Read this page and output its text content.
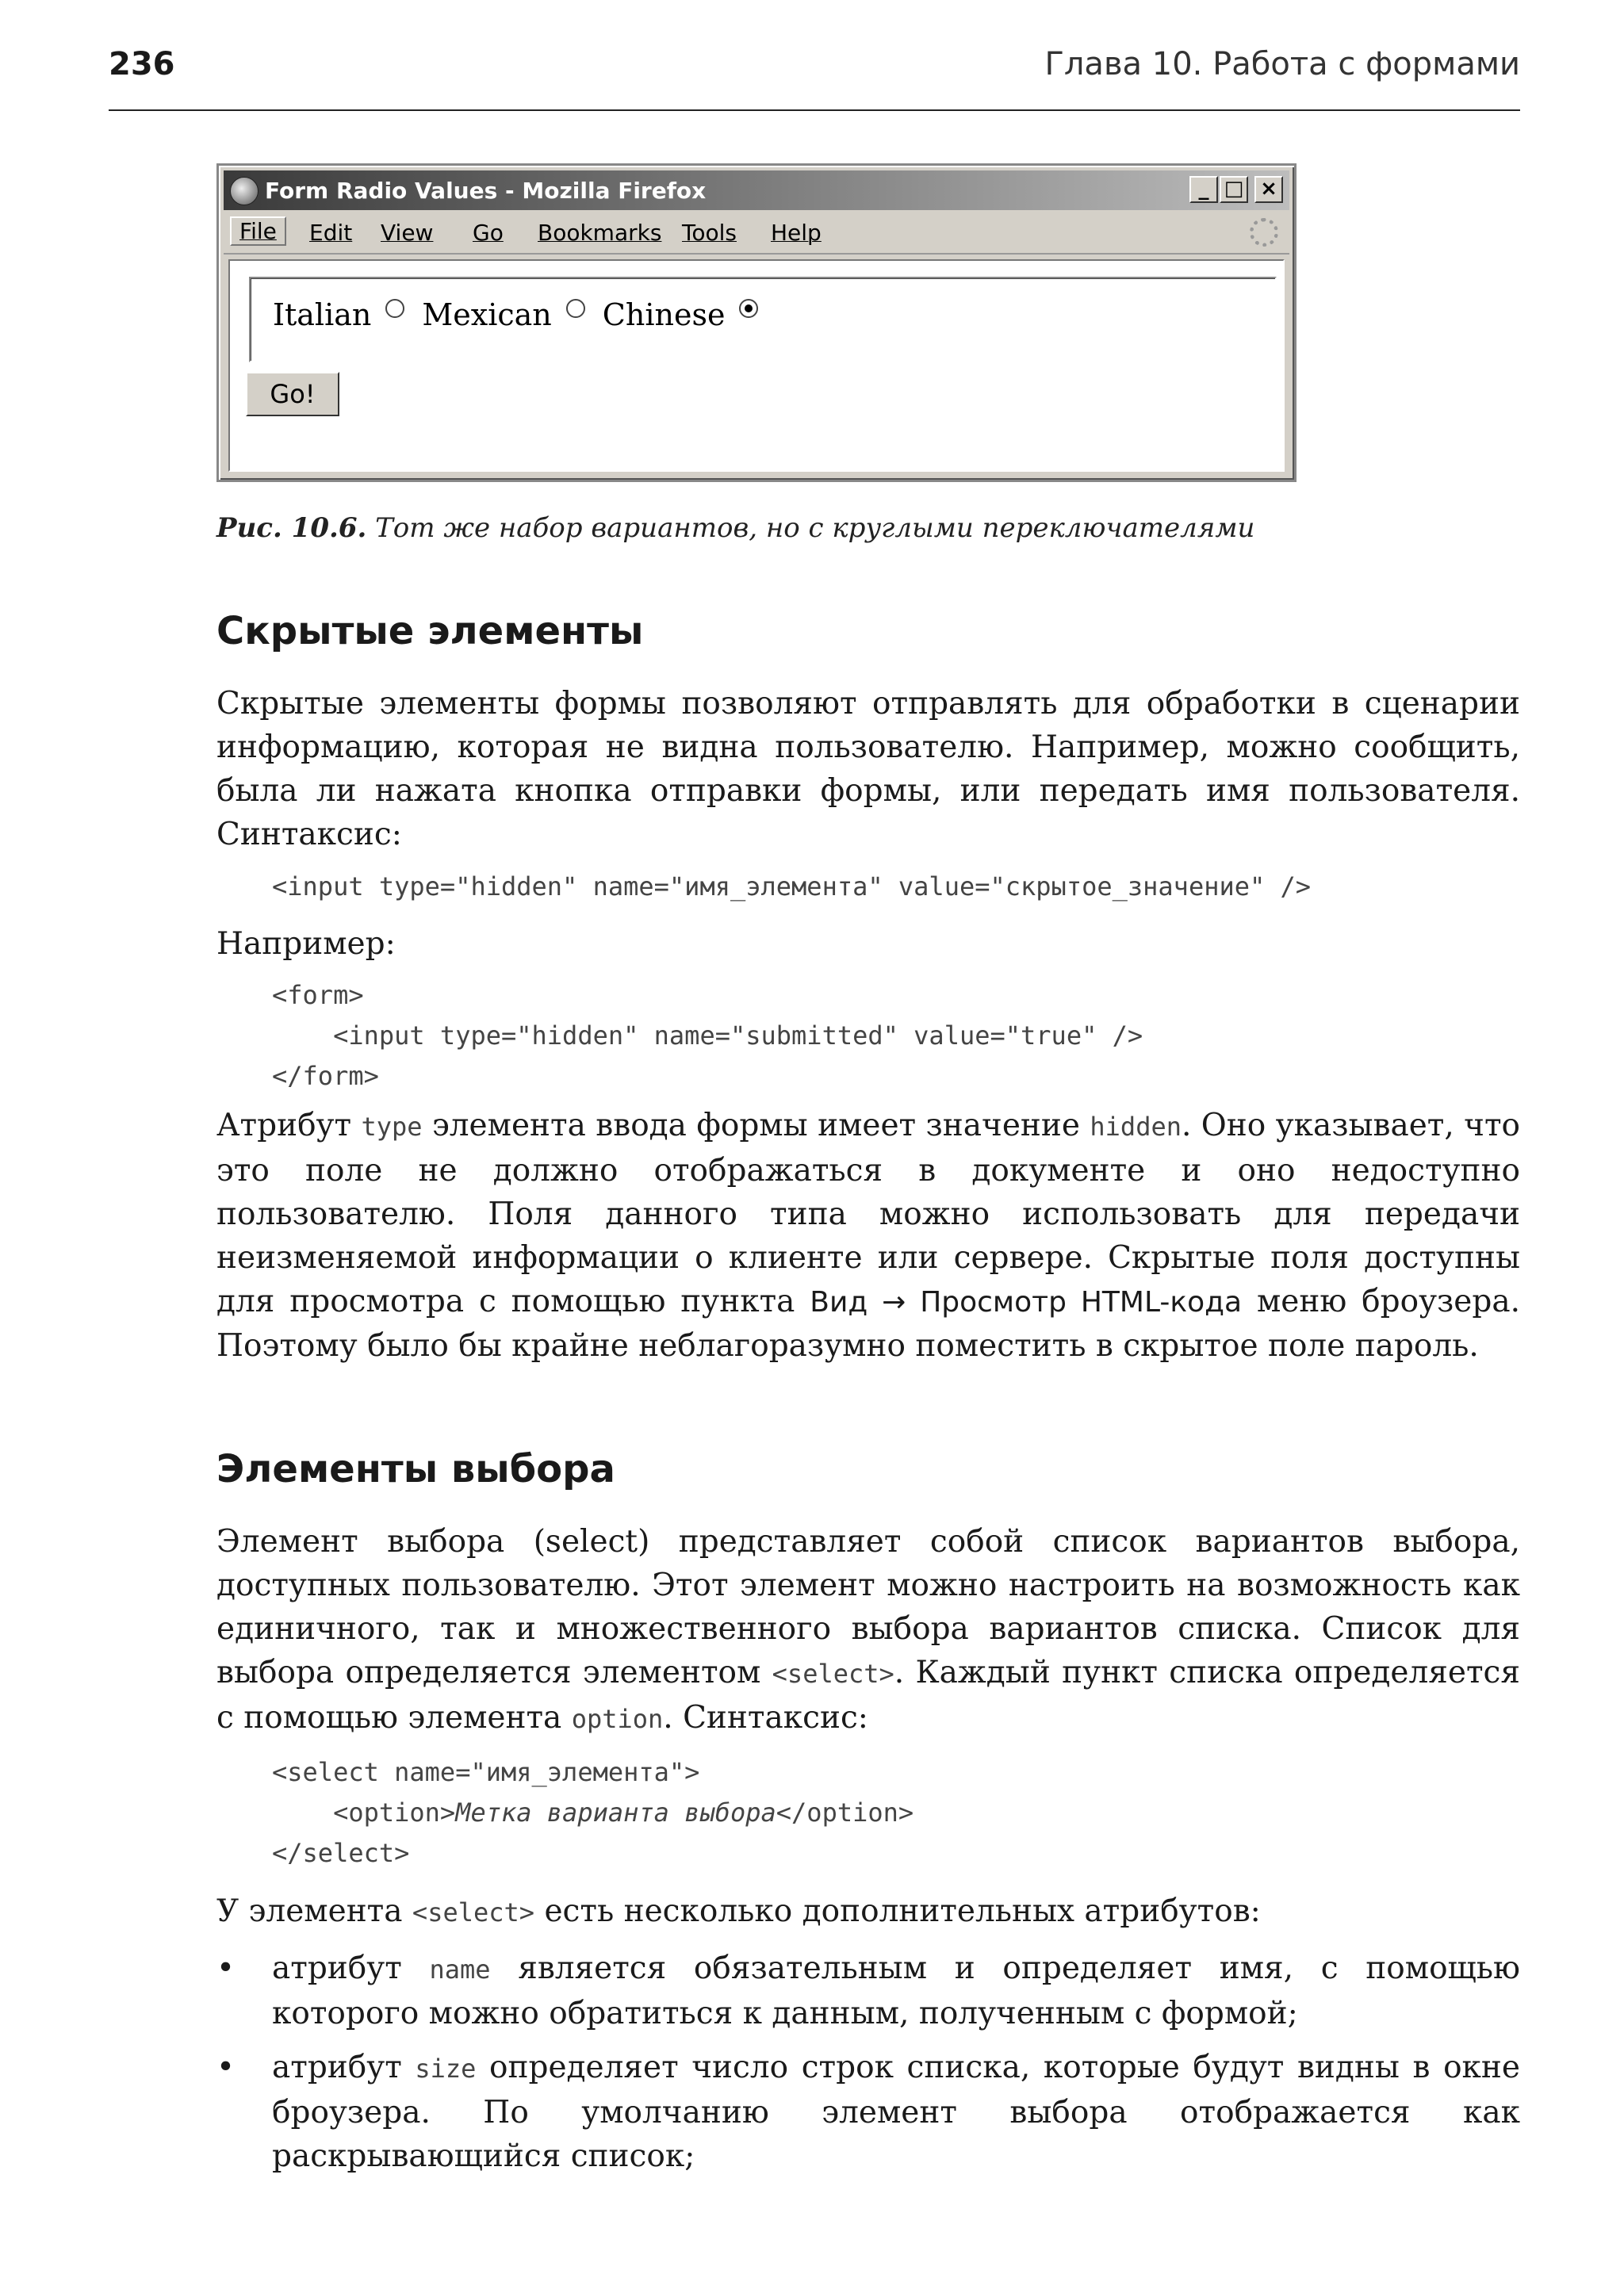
236	Глава 10. Работа с формами
Form Radio Values - Mozilla Firefox	_ □ ×
File	Edit View Go Bookmarks Tools Help
Italian Mexican Chinese
Go!
Рис. 10.6. Тот же набор вариантов, но с круглыми переключателями
Скрытые элементы

Скрытые элементы формы позволяют отправлять для обработки в сценарии информацию, которая не видна пользователю. Например, можно сообщить, была ли нажата кнопка отправки формы, или передать имя пользователя. Синтаксис:

<input type="hidden" name="имя_элемента" value="скрытое_значение" />

Например:

<form>
<input type="hidden" name="submitted" value="true" />
</form>

Атрибут type элемента ввода формы имеет значение hidden. Оно указывает, что это поле не должно отображаться в документе и оно недоступно пользователю. Поля данного типа можно использовать для передачи неизменяемой информации о клиенте или сервере. Скрытые поля доступны для просмотра с помощью пункта Вид → Просмотр HTML-кода меню броузера. Поэтому было бы крайне неблагоразумно поместить в скрытое поле пароль.

Элементы выбора

Элемент выбора (select) представляет собой список вариантов выбора, доступных пользователю. Этот элемент можно настроить на возможность как единичного, так и множественного выбора вариантов списка. Список для выбора определяется элементом <select>. Каждый пункт списка определяется с помощью элемента option. Синтаксис:

<select name="имя_элемента">
<option>Метка варианта выбора</option>
</select>

У элемента <select> есть несколько дополнительных атрибутов:

• атрибут name является обязательным и определяет имя, с помощью которого можно обратиться к данным, полученным с формой;
• атрибут size определяет число строк списка, которые будут видны в окне броузера. По умолчанию элемент выбора отображается как раскрывающийся список;
